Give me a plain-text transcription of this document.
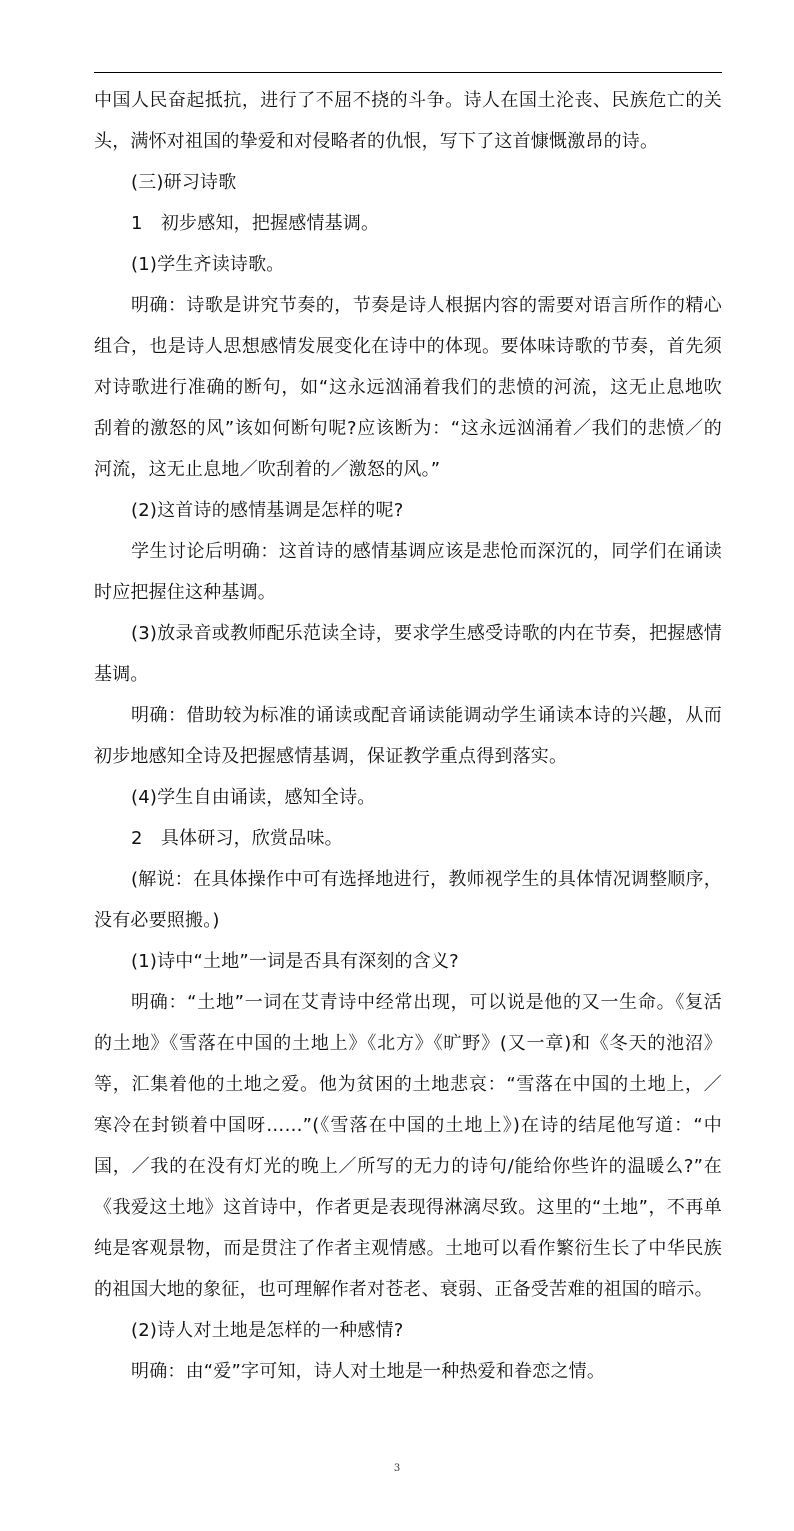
中国人民奋起抵抗，进行了不屈不挠的斗争。诗人在国土沦丧、民族危亡的关头，满怀对祖国的挚爱和对侵略者的仇恨，写下了这首慷慨激昂的诗。

(三)研习诗歌

1　初步感知，把握感情基调。

(1)学生齐读诗歌。

明确：诗歌是讲究节奏的，节奏是诗人根据内容的需要对语言所作的精心组合，也是诗人思想感情发展变化在诗中的体现。要体味诗歌的节奏，首先须对诗歌进行准确的断句，如“这永远汹涌着我们的悲愤的河流，这无止息地吹刮着的激怒的风”该如何断句呢?应该断为：“这永远汹涌着／我们的悲愤／的河流，这无止息地／吹刮着的／激怒的风。”

(2)这首诗的感情基调是怎样的呢?

学生讨论后明确：这首诗的感情基调应该是悲怆而深沉的，同学们在诵读时应把握住这种基调。

(3)放录音或教师配乐范读全诗，要求学生感受诗歌的内在节奏，把握感情基调。

明确：借助较为标准的诵读或配音诵读能调动学生诵读本诗的兴趣，从而初步地感知全诗及把握感情基调，保证教学重点得到落实。

(4)学生自由诵读，感知全诗。

2　具体研习，欣赏品味。

(解说：在具体操作中可有选择地进行，教师视学生的具体情况调整顺序，没有必要照搬。)

(1)诗中“土地”一词是否具有深刻的含义?

明确：“土地”一词在艾青诗中经常出现，可以说是他的又一生命。《复活的土地》《雪落在中国的土地上》《北方》《旷野》(又一章)和《冬天的池沼》等，汇集着他的土地之爱。他为贫困的土地悲哀：“雪落在中国的土地上，／寒冷在封锁着中国呀……”(《雪落在中国的土地上》)在诗的结尾他写道：“中国，／我的在没有灯光的晚上／所写的无力的诗句/能给你些许的温暖么?”在《我爱这土地》这首诗中，作者更是表现得淋漓尽致。这里的“土地”，不再单纯是客观景物，而是贯注了作者主观情感。土地可以看作繁衍生长了中华民族的祖国大地的象征，也可理解作者对苍老、衰弱、正备受苦难的祖国的暗示。

(2)诗人对土地是怎样的一种感情?

明确：由“爱”字可知，诗人对土地是一种热爱和眷恋之情。

3
